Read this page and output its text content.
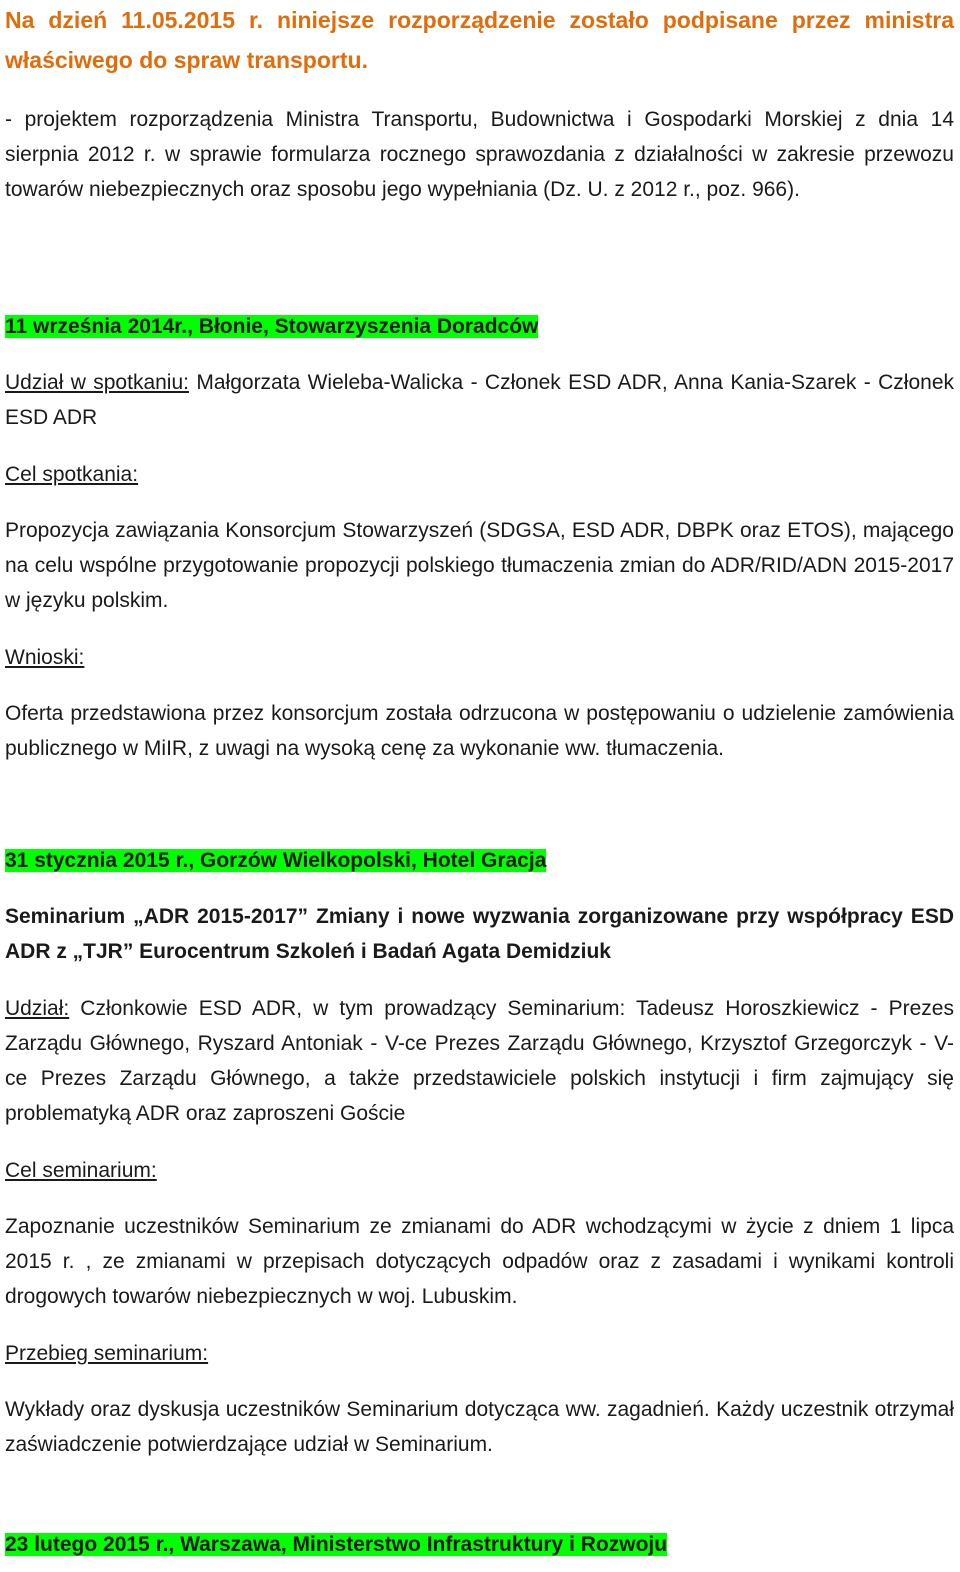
Na dzień 11.05.2015 r. niniejsze rozporządzenie zostało podpisane przez ministra właściwego do spraw transportu.

- projektem rozporządzenia Ministra Transportu, Budownictwa i Gospodarki Morskiej z dnia 14 sierpnia 2012 r. w sprawie formularza rocznego sprawozdania z działalności w zakresie przewozu towarów niebezpiecznych oraz sposobu jego wypełniania (Dz. U. z 2012 r., poz. 966).

11 września 2014r., Błonie, Stowarzyszenia Doradców

Udział w spotkaniu: Małgorzata Wieleba-Walicka - Członek ESD ADR, Anna Kania-Szarek - Członek ESD ADR

Cel spotkania:

Propozycja zawiązania Konsorcjum Stowarzyszeń (SDGSA, ESD ADR, DBPK oraz ETOS), mającego na celu wspólne przygotowanie propozycji polskiego tłumaczenia zmian do ADR/RID/ADN 2015-2017 w języku polskim.

Wnioski:

Oferta przedstawiona przez konsorcjum została odrzucona w postępowaniu o udzielenie zamówienia publicznego w MiIR, z uwagi na wysoką cenę za wykonanie ww. tłumaczenia.

31 stycznia 2015 r., Gorzów Wielkopolski, Hotel Gracja

Seminarium „ADR 2015-2017” Zmiany i nowe wyzwania zorganizowane przy współpracy ESD ADR z „TJR” Eurocentrum Szkoleń i Badań Agata Demidziuk

Udział: Członkowie ESD ADR, w tym prowadzący Seminarium: Tadeusz Horoszkiewicz - Prezes Zarządu Głównego, Ryszard Antoniak - V-ce Prezes Zarządu Głównego, Krzysztof Grzegorczyk - V-ce Prezes Zarządu Głównego, a także przedstawiciele polskich instytucji i firm zajmujący się problematyką ADR oraz zaproszeni Goście

Cel seminarium:

Zapoznanie uczestników Seminarium ze zmianami do ADR wchodzącymi w życie z dniem 1 lipca 2015 r. , ze zmianami w przepisach dotyczących odpadów oraz z zasadami i wynikami kontroli drogowych towarów niebezpiecznych w woj. Lubuskim.

Przebieg seminarium:

Wykłady oraz dyskusja uczestników Seminarium dotycząca ww. zagadnień. Każdy uczestnik otrzymał zaświadczenie potwierdzające udział w Seminarium.

23 lutego 2015 r., Warszawa, Ministerstwo Infrastruktury i Rozwoju
